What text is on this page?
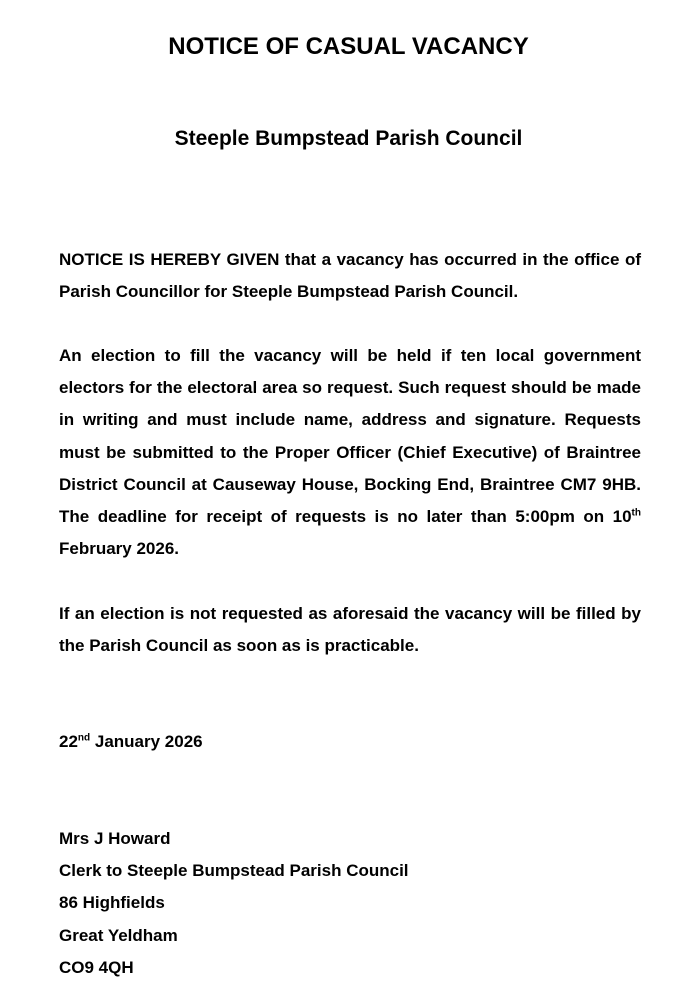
NOTICE OF CASUAL VACANCY
Steeple Bumpstead Parish Council

NOTICE IS HEREBY GIVEN that a vacancy has occurred in the office of Parish Councillor for Steeple Bumpstead Parish Council.

An election to fill the vacancy will be held if ten local government electors for the electoral area so request. Such request should be made in writing and must include name, address and signature. Requests must be submitted to the Proper Officer (Chief Executive) of Braintree District Council at Causeway House, Bocking End, Braintree CM7 9HB. The deadline for receipt of requests is no later than 5:00pm on 10th February 2026.

If an election is not requested as aforesaid the vacancy will be filled by the Parish Council as soon as is practicable.

22nd January 2026

Mrs J Howard
Clerk to Steeple Bumpstead Parish Council
86 Highfields
Great Yeldham
CO9 4QH
